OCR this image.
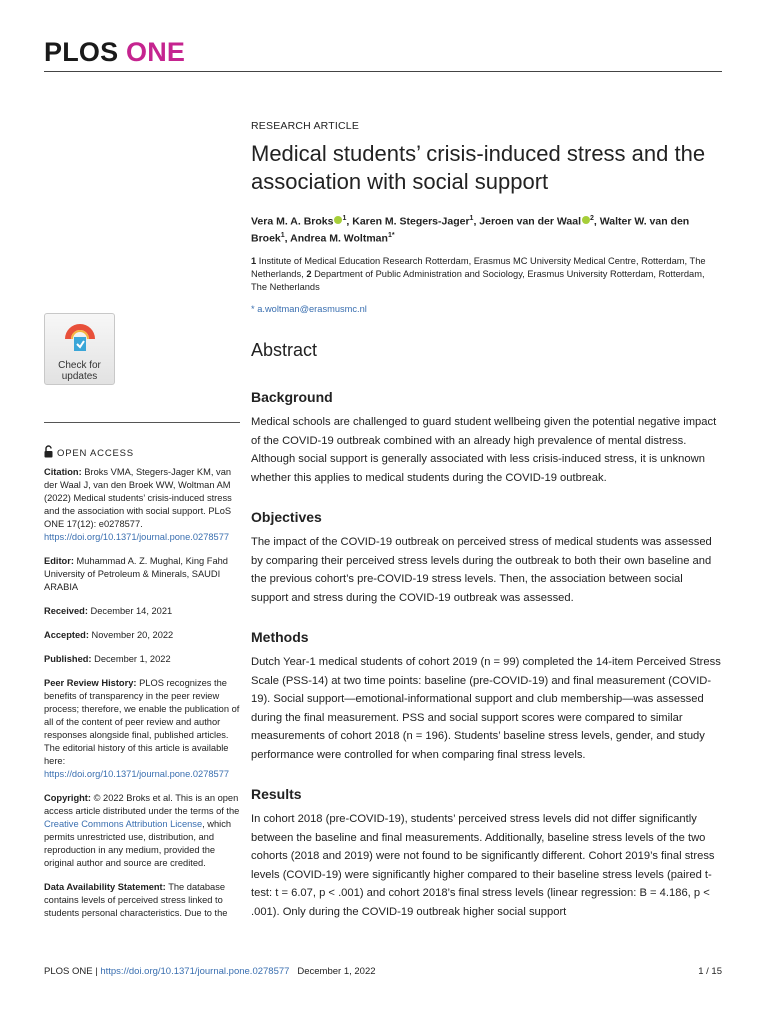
PLOS ONE
Check for
updates
OPEN ACCESS

Citation: Broks VMA, Stegers-Jager KM, van der Waal J, van den Broek WW, Woltman AM (2022) Medical students’ crisis-induced stress and the association with social support. PLoS ONE 17(12): e0278577. https://doi.org/10.1371/journal.pone.0278577

Editor: Muhammad A. Z. Mughal, King Fahd University of Petroleum & Minerals, SAUDI ARABIA

Received: December 14, 2021

Accepted: November 20, 2022

Published: December 1, 2022

Peer Review History: PLOS recognizes the benefits of transparency in the peer review process; therefore, we enable the publication of all of the content of peer review and author responses alongside final, published articles. The editorial history of this article is available here: https://doi.org/10.1371/journal.pone.0278577

Copyright: © 2022 Broks et al. This is an open access article distributed under the terms of the Creative Commons Attribution License, which permits unrestricted use, distribution, and reproduction in any medium, provided the original author and source are credited.

Data Availability Statement: The database contains levels of perceived stress linked to students personal characteristics. Due to the

RESEARCH ARTICLE
Medical students’ crisis-induced stress and the association with social support
Vera M. A. Broks $^1$, Karen M. Stegers-Jager$^1$, Jeroen van der Waal $^2$, Walter W. van den Broek$^1$, Andrea M. Woltman$^{1*}$
1 Institute of Medical Education Research Rotterdam, Erasmus MC University Medical Centre, Rotterdam, The Netherlands, 2 Department of Public Administration and Sociology, Erasmus University Rotterdam, Rotterdam, The Netherlands
* a.woltman@erasmusmc.nl
Abstract
Background

Medical schools are challenged to guard student wellbeing given the potential negative impact of the COVID-19 outbreak combined with an already high prevalence of mental distress. Although social support is generally associated with less crisis-induced stress, it is unknown whether this applies to medical students during the COVID-19 outbreak.

Objectives

The impact of the COVID-19 outbreak on perceived stress of medical students was assessed by comparing their perceived stress levels during the outbreak to both their own baseline and the previous cohort’s pre-COVID-19 stress levels. Then, the association between social support and stress during the COVID-19 outbreak was assessed.

Methods

Dutch Year-1 medical students of cohort 2019 (n = 99) completed the 14-item Perceived Stress Scale (PSS-14) at two time points: baseline (pre-COVID-19) and final measurement (COVID-19). Social support—emotional-informational support and club membership—was assessed during the final measurement. PSS and social support scores were compared to similar measurements of cohort 2018 (n = 196). Students’ baseline stress levels, gender, and study performance were controlled for when comparing final stress levels.

Results

In cohort 2018 (pre-COVID-19), students’ perceived stress levels did not differ significantly between the baseline and final measurements. Additionally, baseline stress levels of the two cohorts (2018 and 2019) were not found to be significantly different. Cohort 2019’s final stress levels (COVID-19) were significantly higher compared to their baseline stress levels (paired t-test: t = 6.07, p < .001) and cohort 2018’s final stress levels (linear regression: B = 4.186, p < .001). Only during the COVID-19 outbreak higher social support

PLOS ONE | https://doi.org/10.1371/journal.pone.0278577 December 1, 2022	1 / 15
